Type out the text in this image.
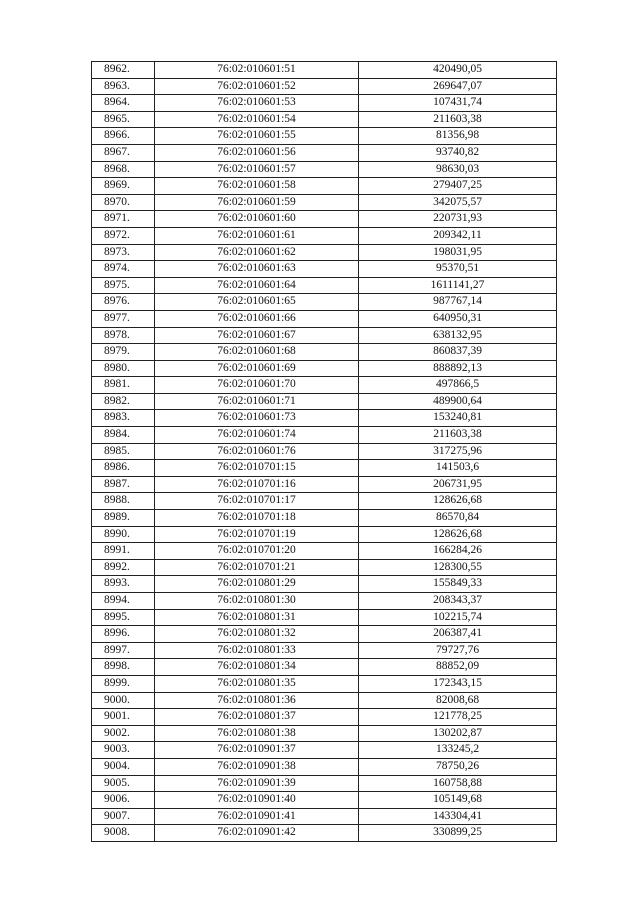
8962.	76:02:010601:51	420490,05
8963.	76:02:010601:52	269647,07
8964.	76:02:010601:53	107431,74
8965.	76:02:010601:54	211603,38
8966.	76:02:010601:55	81356,98
8967.	76:02:010601:56	93740,82
8968.	76:02:010601:57	98630,03
8969.	76:02:010601:58	279407,25
8970.	76:02:010601:59	342075,57
8971.	76:02:010601:60	220731,93
8972.	76:02:010601:61	209342,11
8973.	76:02:010601:62	198031,95
8974.	76:02:010601:63	95370,51
8975.	76:02:010601:64	1611141,27
8976.	76:02:010601:65	987767,14
8977.	76:02:010601:66	640950,31
8978.	76:02:010601:67	638132,95
8979.	76:02:010601:68	860837,39
8980.	76:02:010601:69	888892,13
8981.	76:02:010601:70	497866,5
8982.	76:02:010601:71	489900,64
8983.	76:02:010601:73	153240,81
8984.	76:02:010601:74	211603,38
8985.	76:02:010601:76	317275,96
8986.	76:02:010701:15	141503,6
8987.	76:02:010701:16	206731,95
8988.	76:02:010701:17	128626,68
8989.	76:02:010701:18	86570,84
8990.	76:02:010701:19	128626,68
8991.	76:02:010701:20	166284,26
8992.	76:02:010701:21	128300,55
8993.	76:02:010801:29	155849,33
8994.	76:02:010801:30	208343,37
8995.	76:02:010801:31	102215,74
8996.	76:02:010801:32	206387,41
8997.	76:02:010801:33	79727,76
8998.	76:02:010801:34	88852,09
8999.	76:02:010801:35	172343,15
9000.	76:02:010801:36	82008,68
9001.	76:02:010801:37	121778,25
9002.	76:02:010801:38	130202,87
9003.	76:02:010901:37	133245,2
9004.	76:02:010901:38	78750,26
9005.	76:02:010901:39	160758,88
9006.	76:02:010901:40	105149,68
9007.	76:02:010901:41	143304,41
9008.	76:02:010901:42	330899,25
